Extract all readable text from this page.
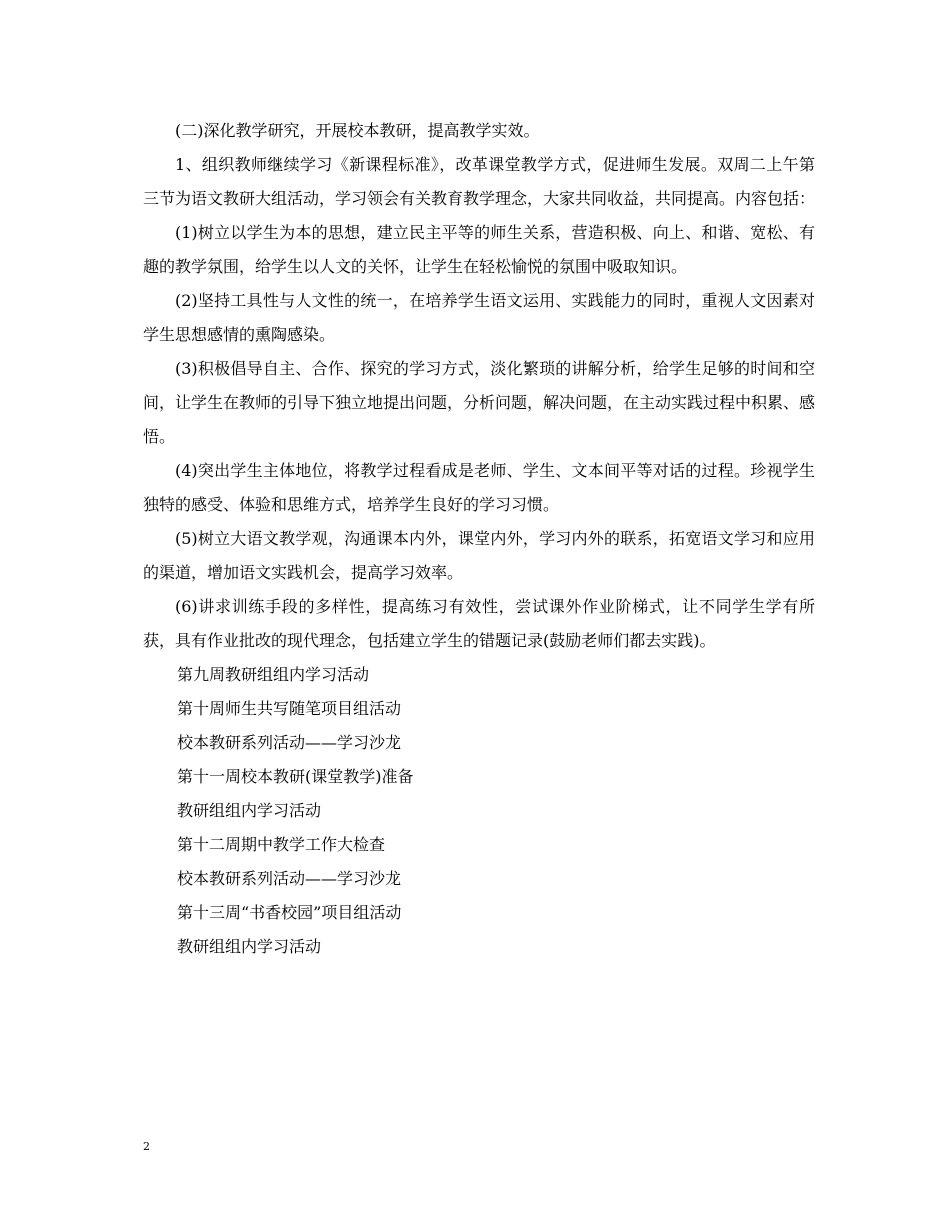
(二)深化教学研究，开展校本教研，提高教学实效。

1、组织教师继续学习《新课程标准》，改革课堂教学方式，促进师生发展。双周二上午第三节为语文教研大组活动，学习领会有关教育教学理念，大家共同收益，共同提高。内容包括：

(1)树立以学生为本的思想，建立民主平等的师生关系，营造积极、向上、和谐、宽松、有趣的教学氛围，给学生以人文的关怀，让学生在轻松愉悦的氛围中吸取知识。

(2)坚持工具性与人文性的统一，在培养学生语文运用、实践能力的同时，重视人文因素对学生思想感情的熏陶感染。

(3)积极倡导自主、合作、探究的学习方式，淡化繁琐的讲解分析，给学生足够的时间和空间，让学生在教师的引导下独立地提出问题，分析问题，解决问题，在主动实践过程中积累、感悟。

(4)突出学生主体地位，将教学过程看成是老师、学生、文本间平等对话的过程。珍视学生独特的感受、体验和思维方式，培养学生良好的学习习惯。

(5)树立大语文教学观，沟通课本内外，课堂内外，学习内外的联系，拓宽语文学习和应用的渠道，增加语文实践机会，提高学习效率。

(6)讲求训练手段的多样性，提高练习有效性，尝试课外作业阶梯式，让不同学生学有所获，具有作业批改的现代理念，包括建立学生的错题记录(鼓励老师们都去实践)。

第九周教研组组内学习活动

第十周师生共写随笔项目组活动

校本教研系列活动——学习沙龙

第十一周校本教研(课堂教学)准备

教研组组内学习活动

第十二周期中教学工作大检查

校本教研系列活动——学习沙龙

第十三周“书香校园”项目组活动

教研组组内学习活动

2
